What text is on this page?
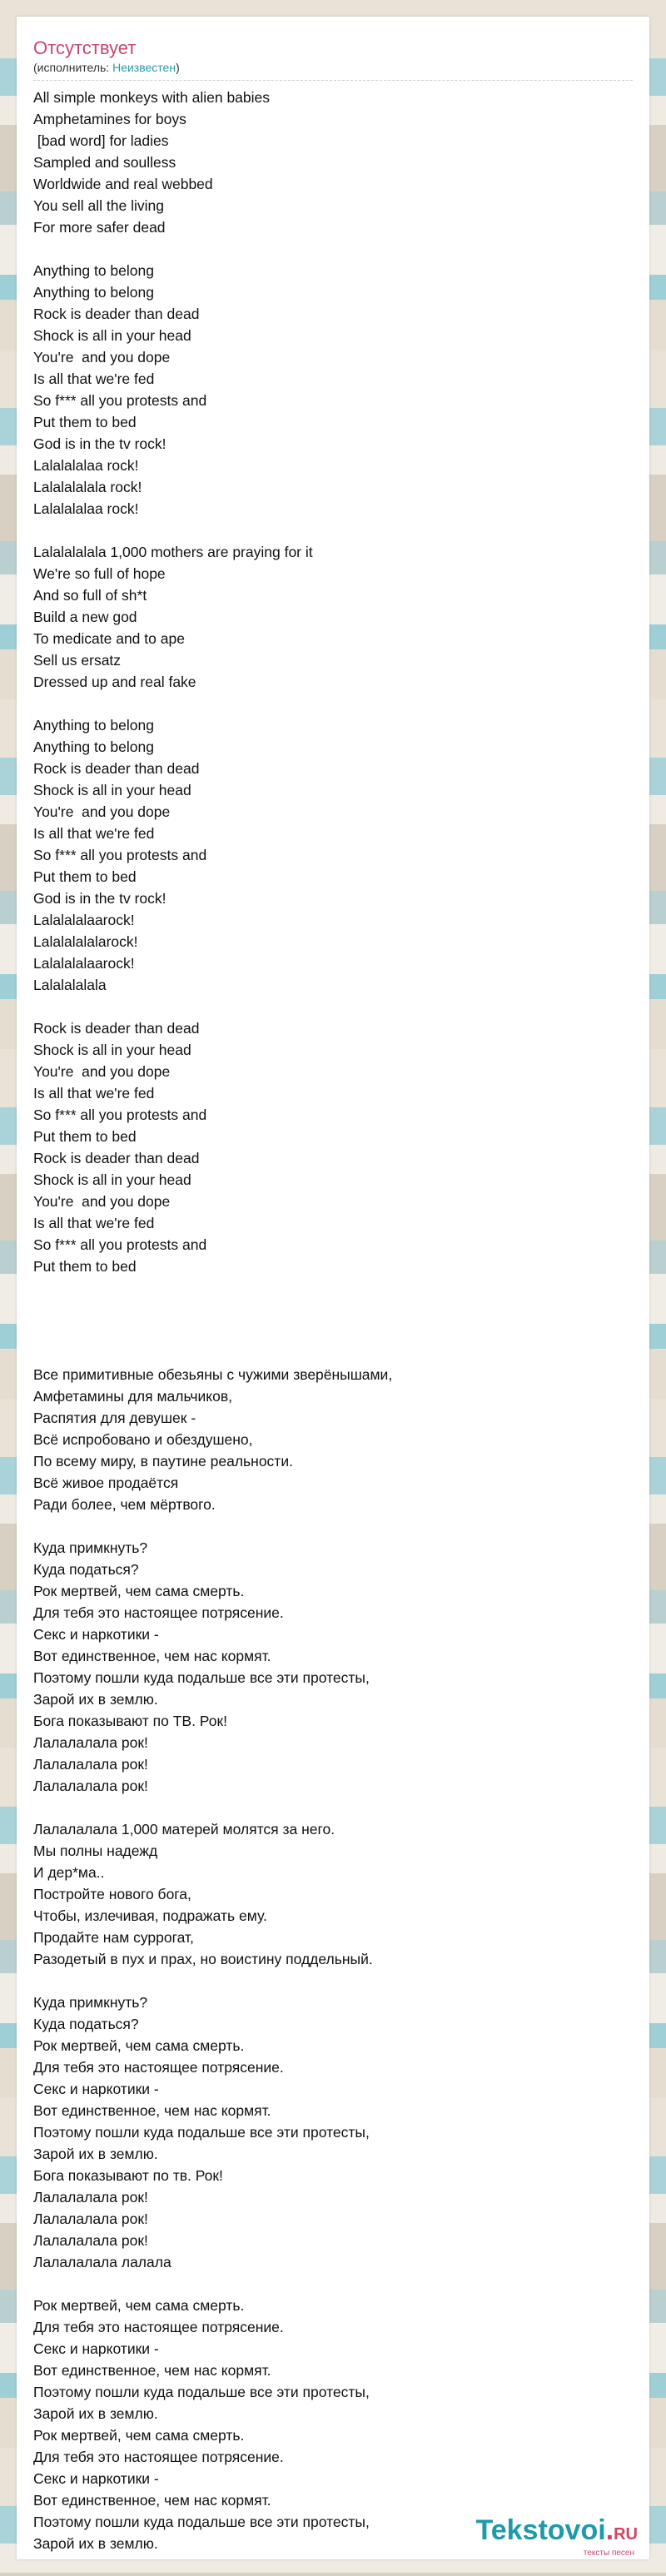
Отсутствует
(исполнитель: Неизвестен)
All simple monkeys with alien babies
Amphetamines for boys
[bad word] for ladies
Sampled and soulless
Worldwide and real webbed
You sell all the living
For more safer dead
Anything to belong
Anything to belong
Rock is deader than dead
Shock is all in your head
You're  and you dope
Is all that we're fed
So f*** all you protests and
Put them to bed
God is in the tv rock!
Lalalalalaa rock!
Lalalalalala rock!
Lalalalalaa rock!
Lalalalalala 1,000 mothers are praying for it
We're so full of hope
And so full of sh*t
Build a new god
To medicate and to ape
Sell us ersatz
Dressed up and real fake
Anything to belong
Anything to belong
Rock is deader than dead
Shock is all in your head
You're  and you dope
Is all that we're fed
So f*** all you protests and
Put them to bed
God is in the tv rock!
Lalalalalaarock!
Lalalalalalarock!
Lalalalalaarock!
Lalalalalala
Rock is deader than dead
Shock is all in your head
You're  and you dope
Is all that we're fed
So f*** all you protests and
Put them to bed
Rock is deader than dead
Shock is all in your head
You're  and you dope
Is all that we're fed
So f*** all you protests and
Put them to bed
Все примитивные обезьяны с чужими зверёнышами,
Амфетамины для мальчиков,
Распятия для девушек -
Всё испробовано и обездушено,
По всему миру, в паутине реальности.
Всё живое продаётся
Ради более, чем мёртвого.
Куда примкнуть?
Куда податься?
Рок мертвей, чем сама смерть.
Для тебя это настоящее потрясение.
Секс и наркотики -
Вот единственное, чем нас кормят.
Поэтому пошли куда подальше все эти протесты,
Зарой их в землю.
Бога показывают по ТВ. Рок!
Лалалалала рок!
Лалалалала рок!
Лалалалала рок!
Лалалалала 1,000 матерей молятся за него.
Мы полны надежд
И дер*ма..
Постройте нового бога,
Чтобы, излечивая, подражать ему.
Продайте нам суррогат,
Разодетый в пух и прах, но воистину поддельный.
Куда примкнуть?
Куда податься?
Рок мертвей, чем сама смерть.
Для тебя это настоящее потрясение.
Секс и наркотики -
Вот единственное, чем нас кормят.
Поэтому пошли куда подальше все эти протесты,
Зарой их в землю.
Бога показывают по тв. Рок!
Лалалалала рок!
Лалалалала рок!
Лалалалала рок!
Лалалалала лалала
Рок мертвей, чем сама смерть.
Для тебя это настоящее потрясение.
Секс и наркотики -
Вот единственное, чем нас кормят.
Поэтому пошли куда подальше все эти протесты,
Зарой их в землю.
Рок мертвей, чем сама смерть.
Для тебя это настоящее потрясение.
Секс и наркотики -
Вот единственное, чем нас кормят.
Поэтому пошли куда подальше все эти протесты,
Зарой их в землю.	Tekstovoi.RU
тексты песен
